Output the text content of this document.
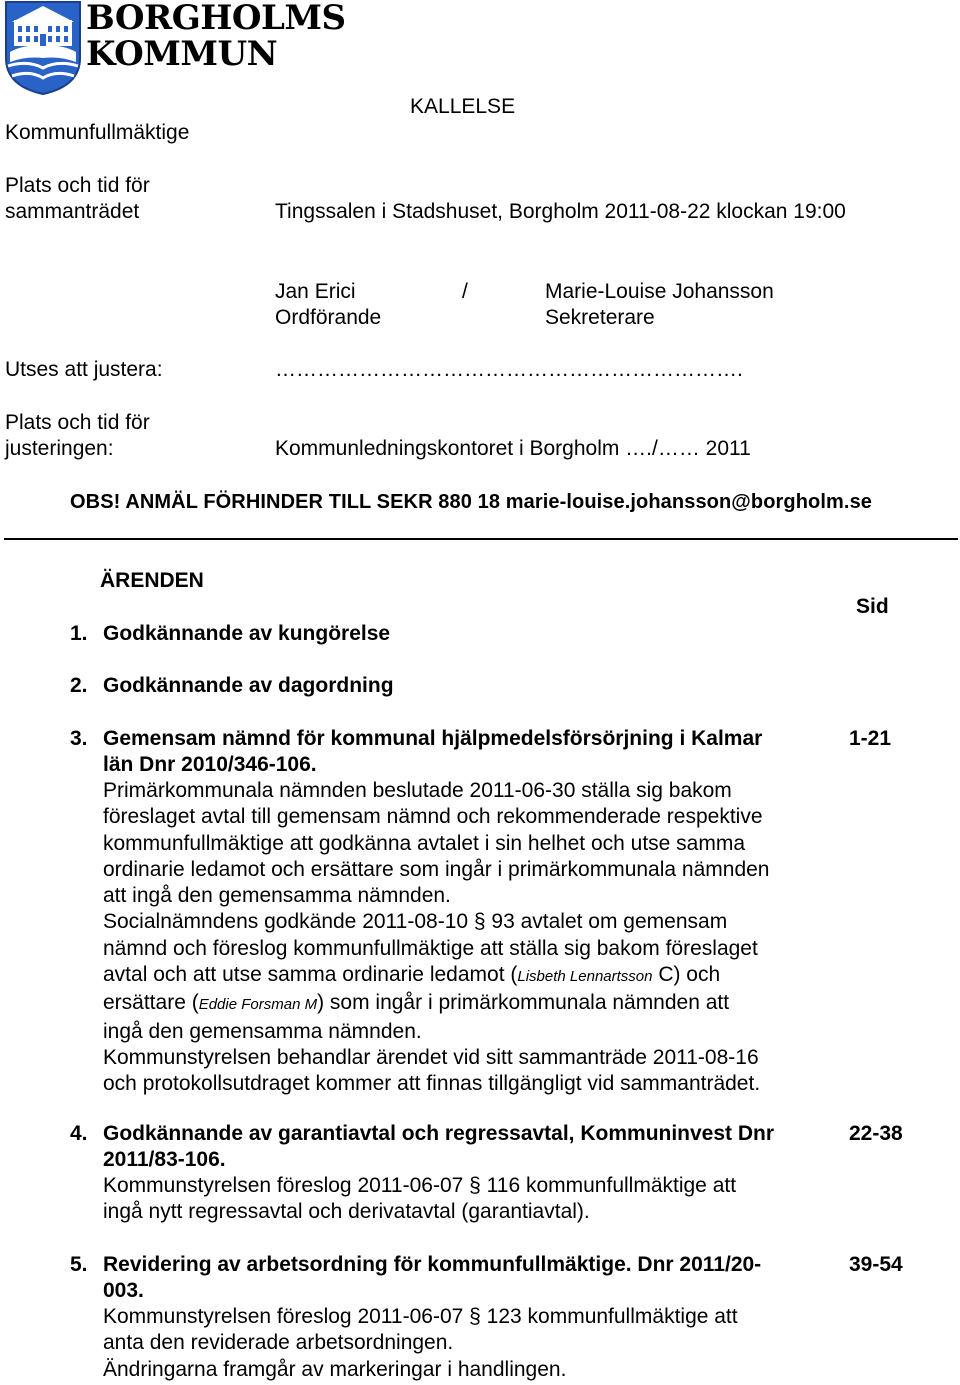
BORGHOLMS
KOMMUN
KALLELSE
Kommunfullmäktige
Plats och tid för
sammanträdet	Tingssalen i Stadshuset, Borgholm 2011-08-22 klockan 19:00
Jan Erici	/	Marie-Louise Johansson
Ordförande	Sekreterare
Utses att justera:	………………………………………………………….
Plats och tid för
justeringen:	Kommunledningskontoret i Borgholm …./…… 2011
OBS! ANMÄL FÖRHINDER TILL SEKR 880 18 marie-louise.johansson@borgholm.se
ÄRENDEN
Sid
1. Godkännande av kungörelse
2. Godkännande av dagordning
3. Gemensam nämnd för kommunal hjälpmedelsförsörjning i Kalmar	1-21
län Dnr 2010/346-106.
Primärkommunala nämnden beslutade 2011-06-30 ställa sig bakom
föreslaget avtal till gemensam nämnd och rekommenderade respektive
kommunfullmäktige att godkänna avtalet i sin helhet och utse samma
ordinarie ledamot och ersättare som ingår i primärkommunala nämnden
att ingå den gemensamma nämnden.
Socialnämndens godkände 2011-08-10 § 93 avtalet om gemensam
nämnd och föreslog kommunfullmäktige att ställa sig bakom föreslaget
avtal och att utse samma ordinarie ledamot (Lisbeth Lennartsson C) och
ersättare (Eddie Forsman M) som ingår i primärkommunala nämnden att
ingå den gemensamma nämnden.
Kommunstyrelsen behandlar ärendet vid sitt sammanträde 2011-08-16
och protokollsutdraget kommer att finnas tillgängligt vid sammanträdet.
4. Godkännande av garantiavtal och regressavtal, Kommuninvest Dnr	22-38
2011/83-106.
Kommunstyrelsen föreslog 2011-06-07 § 116 kommunfullmäktige att
ingå nytt regressavtal och derivatavtal (garantiavtal).
5. Revidering av arbetsordning för kommunfullmäktige. Dnr 2011/20-	39-54
003.
Kommunstyrelsen föreslog 2011-06-07 § 123 kommunfullmäktige att
anta den reviderade arbetsordningen.
Ändringarna framgår av markeringar i handlingen.
